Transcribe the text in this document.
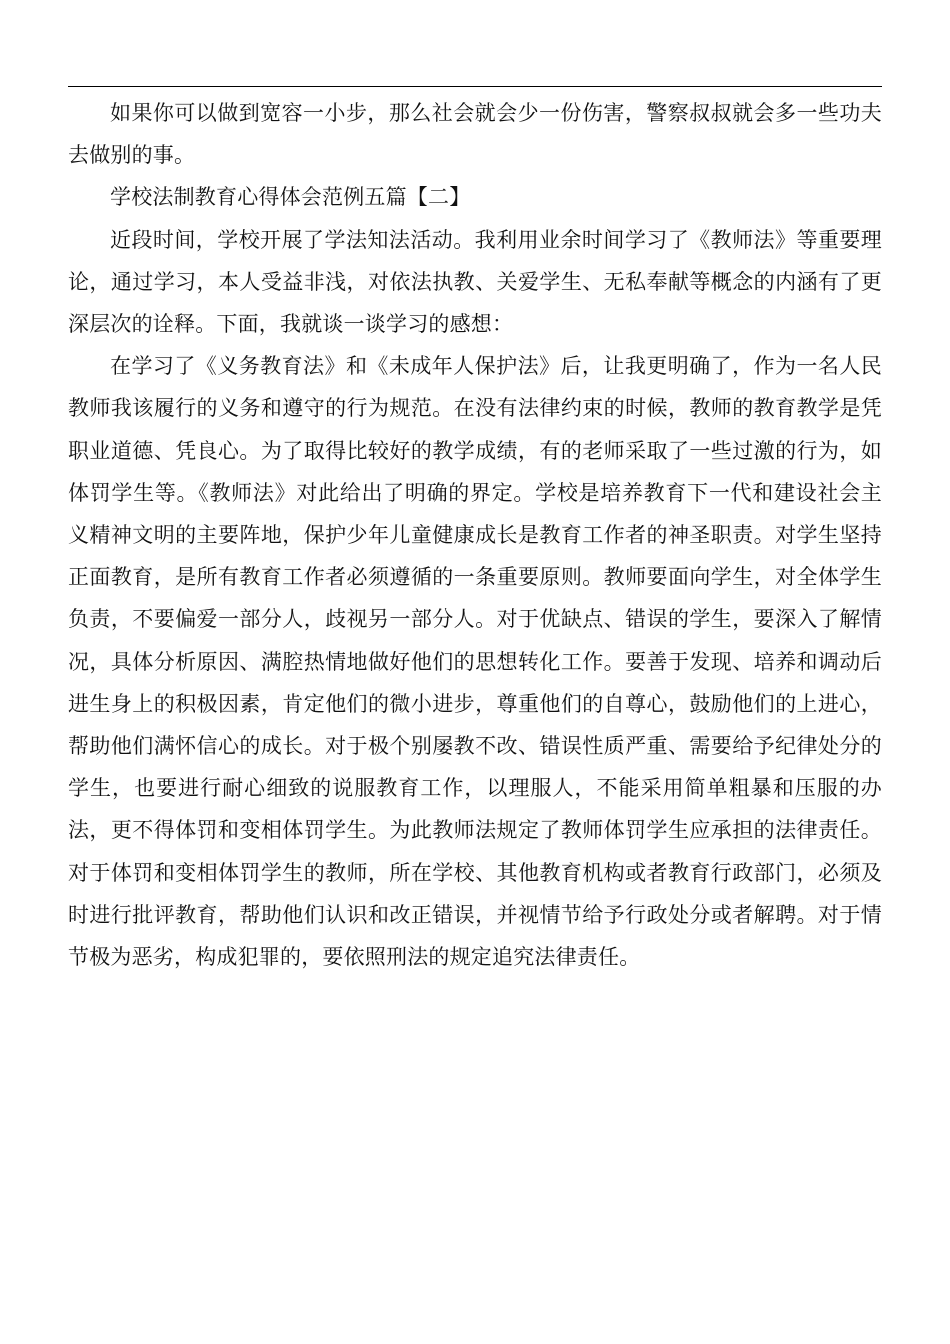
如果你可以做到宽容一小步，那么社会就会少一份伤害，警察叔叔就会多一些功夫去做别的事。

学校法制教育心得体会范例五篇【二】

近段时间，学校开展了学法知法活动。我利用业余时间学习了《教师法》等重要理论，通过学习，本人受益非浅，对依法执教、关爱学生、无私奉献等概念的内涵有了更深层次的诠释。下面，我就谈一谈学习的感想：

在学习了《义务教育法》和《未成年人保护法》后，让我更明确了，作为一名人民教师我该履行的义务和遵守的行为规范。在没有法律约束的时候，教师的教育教学是凭职业道德、凭良心。为了取得比较好的教学成绩，有的老师采取了一些过激的行为，如体罚学生等。《教师法》对此给出了明确的界定。学校是培养教育下一代和建设社会主义精神文明的主要阵地，保护少年儿童健康成长是教育工作者的神圣职责。对学生坚持正面教育，是所有教育工作者必须遵循的一条重要原则。教师要面向学生，对全体学生负责，不要偏爱一部分人，歧视另一部分人。对于优缺点、错误的学生，要深入了解情况，具体分析原因、满腔热情地做好他们的思想转化工作。要善于发现、培养和调动后进生身上的积极因素，肯定他们的微小进步，尊重他们的自尊心，鼓励他们的上进心，帮助他们满怀信心的成长。对于极个别屡教不改、错误性质严重、需要给予纪律处分的学生，也要进行耐心细致的说服教育工作，以理服人，不能采用简单粗暴和压服的办法，更不得体罚和变相体罚学生。为此教师法规定了教师体罚学生应承担的法律责任。对于体罚和变相体罚学生的教师，所在学校、其他教育机构或者教育行政部门，必须及时进行批评教育，帮助他们认识和改正错误，并视情节给予行政处分或者解聘。对于情节极为恶劣，构成犯罪的，要依照刑法的规定追究法律责任。
